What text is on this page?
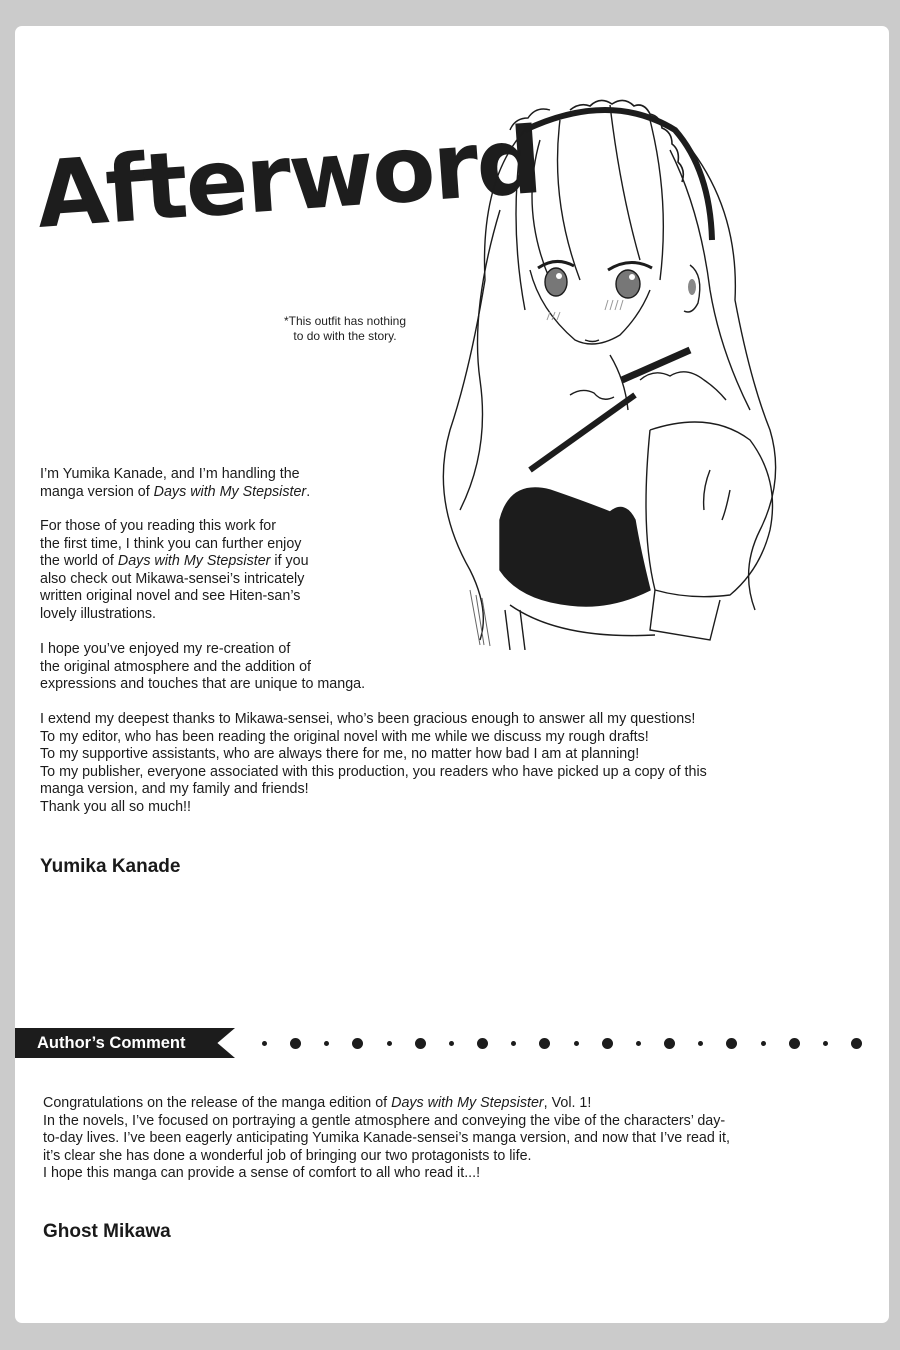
Afterword
*This outfit has nothing
to do with the story.

I’m Yumika Kanade, and I’m handling the

manga version of Days with My Stepsister.

For those of you reading this work for

the first time, I think you can further enjoy

the world of Days with My Stepsister if you

also check out Mikawa-sensei’s intricately

written original novel and see Hiten-san’s

lovely illustrations.

I hope you’ve enjoyed my re-creation of

the original atmosphere and the addition of

expressions and touches that are unique to manga.

I extend my deepest thanks to Mikawa-sensei, who’s been gracious enough to answer all my questions!

To my editor, who has been reading the original novel with me while we discuss my rough drafts!

To my supportive assistants, who are always there for me, no matter how bad I am at planning!

To my publisher, everyone associated with this production, you readers who have picked up a copy of this

manga version, and my family and friends!

Thank you all so much!!

Yumika Kanade
Author’s Comment

Congratulations on the release of the manga edition of Days with My Stepsister, Vol. 1!

In the novels, I’ve focused on portraying a gentle atmosphere and conveying the vibe of the characters’ day-

to-day lives. I’ve been eagerly anticipating Yumika Kanade-sensei’s manga version, and now that I’ve read it,

it’s clear she has done a wonderful job of bringing our two protagonists to life.

I hope this manga can provide a sense of comfort to all who read it...!

Ghost Mikawa
